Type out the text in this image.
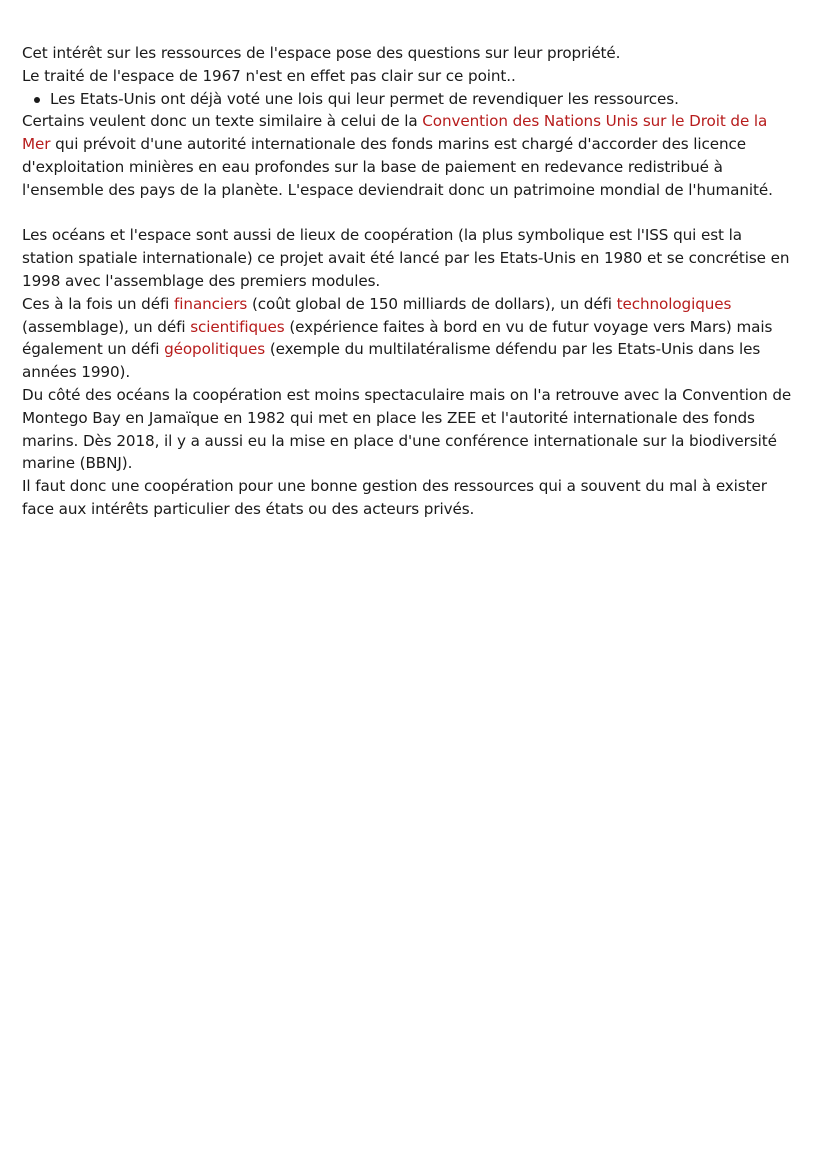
Cet intérêt sur les ressources de l'espace pose des questions sur leur propriété.

Le traité de l'espace de 1967 n'est en effet pas clair sur ce point..

Les Etats-Unis ont déjà voté une lois qui leur permet de revendiquer les ressources.

Certains veulent donc un texte similaire à celui de la Convention des Nations Unis sur le Droit de la Mer qui prévoit d'une autorité internationale des fonds marins est chargé d'accorder des licence d'exploitation minières en eau profondes sur la base de paiement en redevance redistribué à l'ensemble des pays de la planète. L'espace deviendrait donc un patrimoine mondial de l'humanité.

Les océans et l'espace sont aussi de lieux de coopération (la plus symbolique est l'ISS qui est la station spatiale internationale) ce projet avait été lancé par les Etats-Unis en 1980 et se concrétise en 1998 avec l'assemblage des premiers modules.

Ces à la fois un défi financiers (coût global de 150 milliards de dollars), un défi technologiques (assemblage), un défi scientifiques (expérience faites à bord en vu de futur voyage vers Mars) mais également un défi géopolitiques (exemple du multilatéralisme défendu par les Etats-Unis dans les années 1990).

Du côté des océans la coopération est moins spectaculaire mais on l'a retrouve avec la Convention de Montego Bay en Jamaïque en 1982 qui met en place les ZEE et l'autorité internationale des fonds marins. Dès 2018, il y a aussi eu la mise en place d'une conférence internationale sur la biodiversité marine (BBNJ).

Il faut donc une coopération pour une bonne gestion des ressources qui a souvent du mal à exister face aux intérêts particulier des états ou des acteurs privés.
